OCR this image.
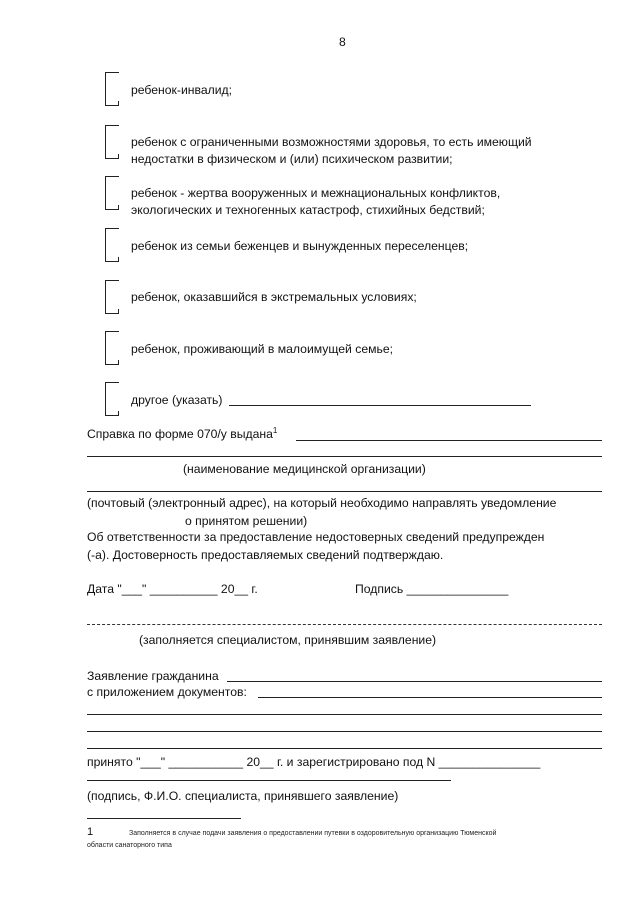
8
ребенок-инвалид;
ребенок с ограниченными возможностями здоровья, то есть имеющий
недостатки в физическом и (или) психическом развитии;
ребенок - жертва вооруженных и межнациональных конфликтов,
экологических и техногенных катастроф, стихийных бедствий;
ребенок из семьи беженцев и вынужденных переселенцев;
ребенок, оказавшийся в экстремальных условиях;
ребенок, проживающий в малоимущей семье;
другое (указать)
Справка по форме 070/у выдана$^1$
(наименование медицинской организации)
(почтовый (электронный адрес), на который необходимо направлять уведомление
о принятом решении)
Об ответственности за предоставление недостоверных сведений предупрежден
(-а). Достоверность предоставляемых сведений подтверждаю.
Дата "___" __________ 20__ г.	Подпись _______________
(заполняется специалистом, принявшим заявление)
Заявление гражданина
с приложением документов:
принято "___" ___________ 20__ г. и зарегистрировано под N _______________
(подпись, Ф.И.О. специалиста, принявшего заявление)
1	Заполняется в случае подачи заявления о предоставлении путевки в оздоровительную организацию Тюменской
области санаторного типа
